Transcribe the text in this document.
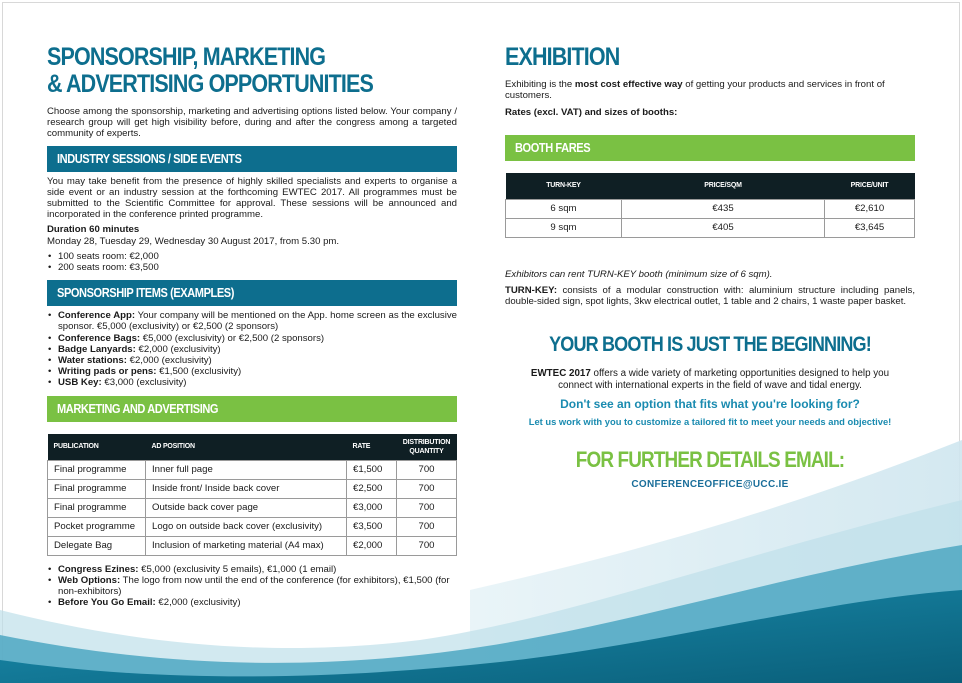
SPONSORSHIP, MARKETING
& ADVERTISING OPPORTUNITIES

Choose among the sponsorship, marketing and advertising options listed below. Your company / research group will get high visibility before, during and after the congress among a targeted community of experts.

INDUSTRY SESSIONS / SIDE EVENTS

You may take benefit from the presence of highly skilled specialists and experts to organise a side event or an industry session at the forthcoming EWTEC 2017. All programmes must be submitted to the Scientific Committee for approval. These sessions will be announced and incorporated in the conference printed programme.

Duration 60 minutes

Monday 28, Tuesday 29, Wednesday 30 August 2017, from 5.30 pm.

• 100 seats room: €2,000
• 200 seats room: €3,500
SPONSORSHIP ITEMS (EXAMPLES)
• Conference App: Your company will be mentioned on the App. home screen as the exclusive sponsor. €5,000 (exclusivity) or €2,500 (2 sponsors)
• Conference Bags: €5,000 (exclusivity) or €2,500 (2 sponsors)
• Badge Lanyards: €2,000 (exclusivity)
• Water stations: €2,000 (exclusivity)
• Writing pads or pens: €1,500 (exclusivity)
• USB Key: €3,000 (exclusivity)
MARKETING AND ADVERTISING
PUBLICATION	AD POSITION	RATE	DISTRIBUTION QUANTITY
Final programme	Inner full page	€1,500	700
Final programme	Inside front/ Inside back cover	€2,500	700
Final programme	Outside back cover page	€3,000	700
Pocket programme	Logo on outside back cover (exclusivity)	€3,500	700
Delegate Bag	Inclusion of marketing material (A4 max)	€2,000	700
• Congress Ezines: €5,000 (exclusivity 5 emails), €1,000 (1 email)
• Web Options: The logo from now until the end of the conference (for exhibitors), €1,500 (for non-exhibitors)
• Before You Go Email: €2,000 (exclusivity)
EXHIBITION

Exhibiting is the most cost effective way of getting your products and services in front of customers.

Rates (excl. VAT) and sizes of booths:

BOOTH FARES
TURN-KEY	PRICE/SQM	PRICE/UNIT
6 sqm	€435	€2,610
9 sqm	€405	€3,645

Exhibitors can rent TURN-KEY booth (minimum size of 6 sqm).

TURN-KEY: consists of a modular construction with: aluminium structure including panels, double-sided sign, spot lights, 3kw electrical outlet, 1 table and 2 chairs, 1 waste paper basket.

YOUR BOOTH IS JUST THE BEGINNING!

EWTEC 2017 offers a wide variety of marketing opportunities designed to help you connect with international experts in the field of wave and tidal energy.

Don't see an option that fits what you're looking for?

Let us work with you to customize a tailored fit to meet your needs and objective!

FOR FURTHER DETAILS EMAIL:
CONFERENCEOFFICE@UCC.IE
